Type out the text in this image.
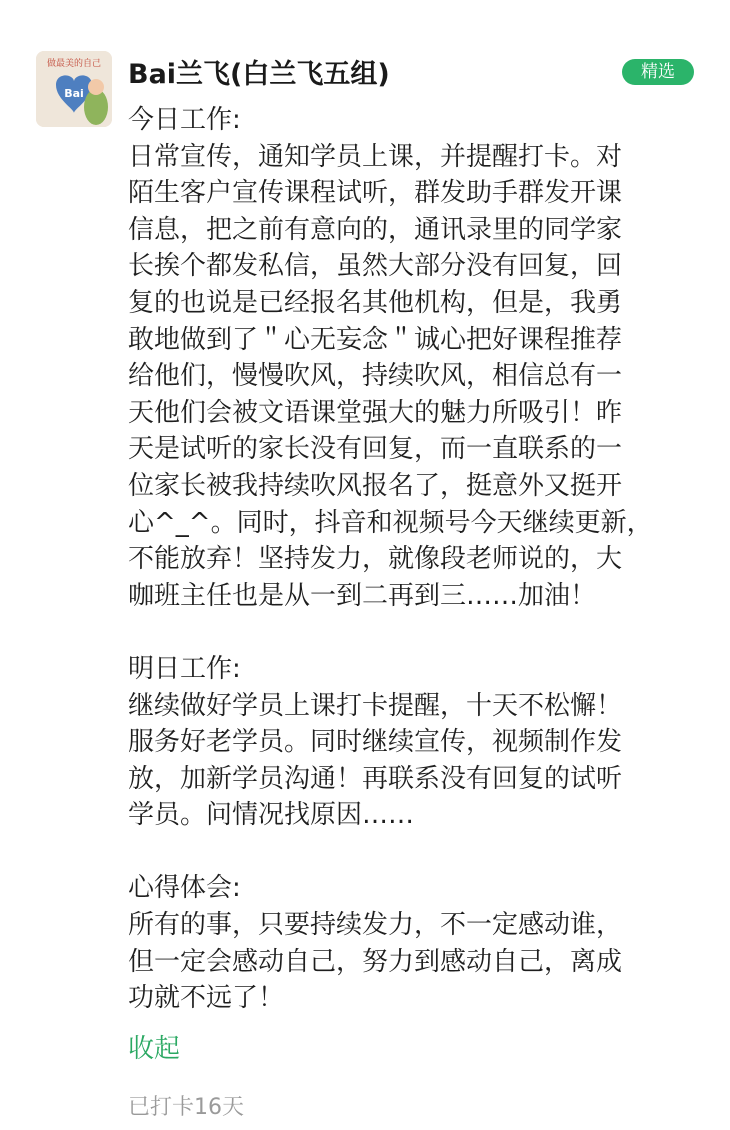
做最美的自己
Bai
Bai兰飞(白兰飞五组)	精选

今日工作:

日常宣传，通知学员上课，并提醒打卡。对

陌生客户宣传课程试听，群发助手群发开课

信息，把之前有意向的，通讯录里的同学家

长挨个都发私信，虽然大部分没有回复，回

复的也说是已经报名其他机构，但是，我勇

敢地做到了＂心无妄念＂诚心把好课程推荐

给他们，慢慢吹风，持续吹风，相信总有一

天他们会被文语课堂强大的魅力所吸引！昨

天是试听的家长没有回复，而一直联系的一

位家长被我持续吹风报名了，挺意外又挺开

心^_^。同时，抖音和视频号今天继续更新，

不能放弃！坚持发力，就像段老师说的，大

咖班主任也是从一到二再到三……加油！

明日工作:

继续做好学员上课打卡提醒，十天不松懈！

服务好老学员。同时继续宣传，视频制作发

放，加新学员沟通！再联系没有回复的试听

学员。问情况找原因……

心得体会:

所有的事，只要持续发力，不一定感动谁，

但一定会感动自己，努力到感动自己，离成

功就不远了！

收起
已打卡16天
